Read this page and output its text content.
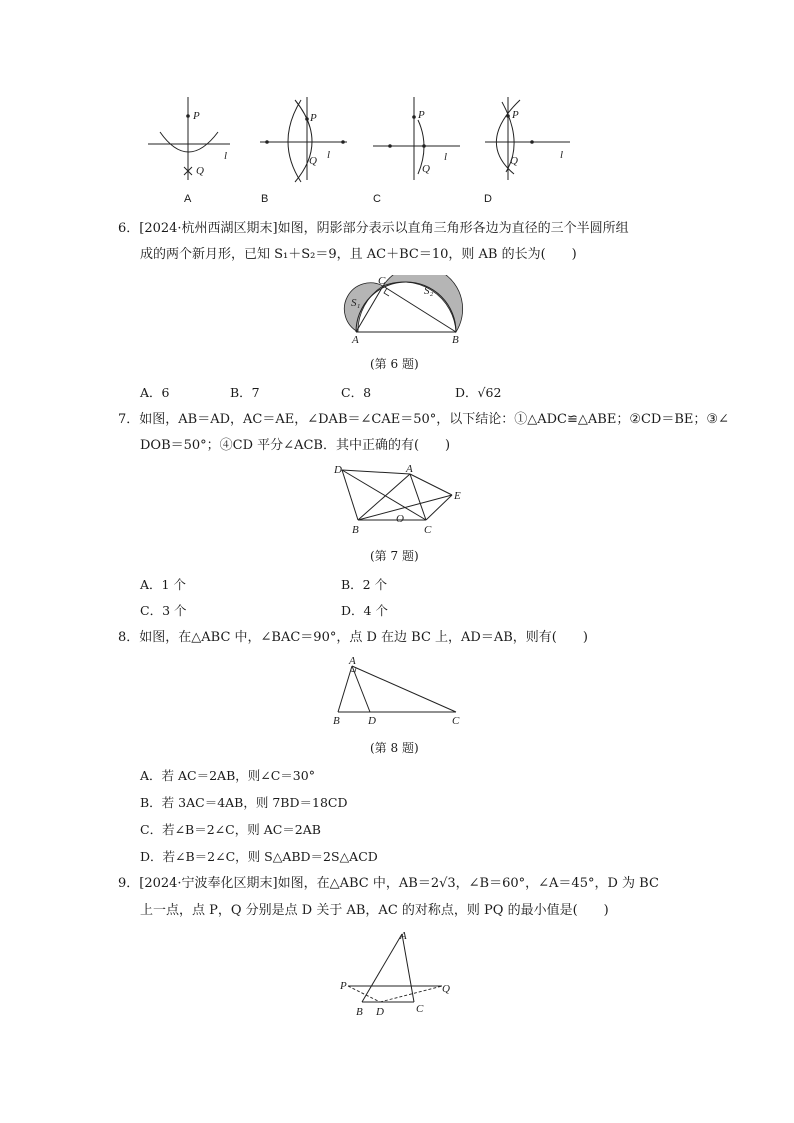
P
Q
l
A
P
Q l
B
P
Q
l
C
P
Q	l
D
6．[2024·杭州西湖区期末]如图，阴影部分表示以直角三角形各边为直径的三个半圆所组
成的两个新月形，已知 S₁＋S₂＝9，且 AC＋BC＝10，则 AB 的长为(　　)
A	B
C
S₁
S₂
(第 6 题)
A．6	B．7	C．8	D．√62
7．如图，AB＝AD，AC＝AE，∠DAB＝∠CAE＝50°，以下结论：①△ADC≌△ABE；②CD＝BE；③∠
DOB＝50°；④CD 平分∠ACB．其中正确的有(　　)
D	A
E
B
O
C
(第 7 题)
A．1 个	B．2 个
C．3 个	D．4 个
8．如图，在△ABC 中，∠BAC＝90°，点 D 在边 BC 上，AD＝AB，则有(　　)
A
B	D	C
(第 8 题)
A．若 AC＝2AB，则∠C＝30°
B．若 3AC＝4AB，则 7BD＝18CD
C．若∠B＝2∠C，则 AC＝2AB
D．若∠B＝2∠C，则 S△ABD＝2S△ACD
9．[2024·宁波奉化区期末]如图，在△ABC 中，AB＝2√3，∠B＝60°，∠A＝45°，D 为 BC
上一点，点 P，Q 分别是点 D 关于 AB，AC 的对称点，则 PQ 的最小值是(　　)
A
P	Q
B D	C
